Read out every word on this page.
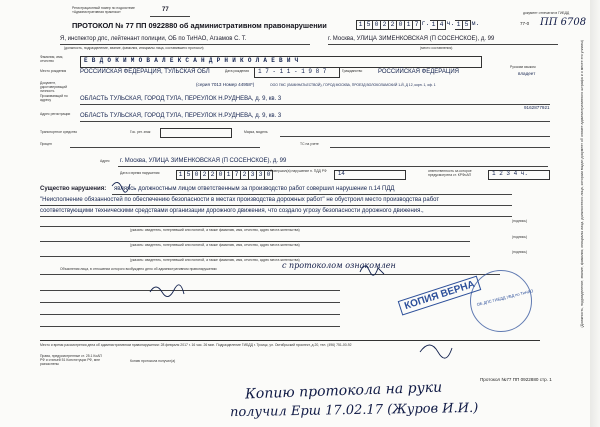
Регистрационный номер по подсистеме «Административная практика»	77	документ отпечатан в ГИБДД
ПРОТОКОЛ № 77 ПП 0922880 об административном правонарушении	1 5 0 2 2 0 1 7 г. 1 4 ч. 1 5 м.	77-0 ПП 6708
Я, инспектор дпс, лейтенант полиции, ОБ по ТиНАО, Агзамов С. Т.
(должность, подразделение, звание, фамилия, инициалы лица, составившего протокол)
г. Москва, УЛИЦА ЗИМЕНКОВСКАЯ (П СОСЕНСКОЕ), д. 99
(место составления)
Фамилия, имя, отчество	Е В Д О К И М О В А Л Е К С А Н Д Р Н И К О Л А Е В И Ч
Место рождения РОССИЙСКАЯ ФЕДЕРАЦИЯ, ТУЛЬСКАЯ ОБЛ	Дата рождения 1 7 - 1 1 - 1 9 8 7	Гражданство	РОССИЙСКАЯ ФЕДЕРАЦИЯ
Русским языком
владеет
Документ, удостоверяющий личность
(серия 7013 Номер 44958*)	ООО ГМС (ЛАМИНАТЬЕСТВОЙ), ГОРОД МОСКВА, ПРОЕЗД ВОЛОКОЛАМСКИЙ 1-Й, Д 12, корп. 1, оф. 1
Проживающий по адресу	ОБЛАСТЬ ТУЛЬСКАЯ, ГОРОД ТУЛА, ПЕРЕУЛОК Н.РУДНЕВА, д. 9, кв. 3
9162877921
Адрес регистрации	ОБЛАСТЬ ТУЛЬСКАЯ, ГОРОД ТУЛА, ПЕРЕУЛОК Н.РУДНЕВА, д. 9, кв. 3
Транспортное средство	Гос. рег. знак	Марка, модель
Прицеп	ТС на учете
Адрес г. Москва, УЛИЦА ЗИМЕНКОВСКАЯ (П СОСЕНСКОЕ), д. 99
Дата и время нарушения	1 5 0 2 2 0 1 7 2 3 3 0 Совершил(а) нарушение п. ПДД РФ	14	ответственность за которое предусмотрена ст. КРФоАП	1 2 3 4 ч.
Существо нарушения: являясь должностным лицом ответственным за производство работ совершил нарушение п.14 ПДД
"Неисполнение обязанностей по обеспечению безопасности в местах производства дорожных работ" не обустроил место производства работ
соответствующими техническими средствами организации дорожного движения, что создало угрозу безопасности дорожного движения.,
(указать: свидетель, потерпевший или понятой, а также фамилию, имя, отчество, адрес места жительства)
(подпись)
(указать: свидетель, потерпевший или понятой, а также фамилию, имя, отчество, адрес места жительства)
(подпись)
(указать: свидетель, потерпевший или понятой, а также фамилию, имя, отчество, адрес места жительства)
(подпись)
Объяснения лица, в отношении которого возбуждено дело об административном правонарушении:	с протоколом ознакомлен
КОПИЯ ВЕРНА ОБ ДПС ГИБДД УВД по ТиНАО
Место и время рассмотрения дела об административном правонарушении: 28 февраля 2017 г. 16 час. 26 мин. Подразделение ГИБДД г. Троицк, ул. Октябрьский проспект, д.20, тел. (496) 751-00-92
Права, предусмотренные ст. 25.1 КоАП РФ и статьей 51 Конституции РФ, мне разъяснены
Копию протокола получил(а)
Протокол №77 ПП 0922880 стр. 1
Копию протокола на руки
получил Ерш 17.02.17 (Журов И.И.)
(Должность, подразделение, звание, фамилия, инициалы лица, должностного лица, которым выдан документ об оплате административного штрафа и о месте его уплаты)
